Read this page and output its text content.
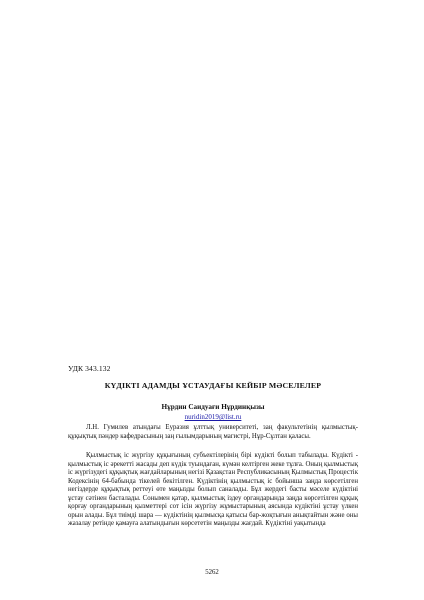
УДК 343.132
КҮДІКТІ АДАМДЫ ҰСТАУДАҒЫ КЕЙБІР МӘСЕЛЕЛЕР
Нұрдин Саидуағи Нұрдинқызы
nuridin2019@list.ru
Л.Н. Гумилев атындағы Еуразия ұлттық университеті, заң факультетінің қылмыстық-құқықтық пәндер кафедрасының заң ғылымдарының магистрі, Нұр-Сұлтан қаласы.

Қылмыстық іс жүргізу құқығының субъектілерінің бірі күдікті болып табылады. Күдікті - қылмыстық іс әрекетті жасады деп күдік туындаған, күмән келтірген жеке тұлға. Оның қылмыстық іс жүргізудегі құқықтық жағдайларының негізі Қазақстан Республикасының Қылмыстық Процестік Кодексінің 64-бабында тікелей бекітілген. Күдіктінің қылмыстық іс бойынша заңда көрсетілген негіздерде құқықтық реттеуі өте маңызды болып саналады. Бұл жердегі басты мәселе күдіктіні ұстау сәтінен басталады. Сонымен қатар, қылмыстық іздеу органдарында заңда көрсетілген құқық қорғау органдарының қызметтері сот ісін жүргізу жұмыстарының аясында күдіктіні ұстау үлкен орын алады. Бұл тиімді шара — күдіктінің қылмысқа қатысы бар-жоқтығын анықтайтын және оны жазалау ретінде қамауға алатындығын көрсететін маңызды жағдай. Күдіктіні уақытында

5262
